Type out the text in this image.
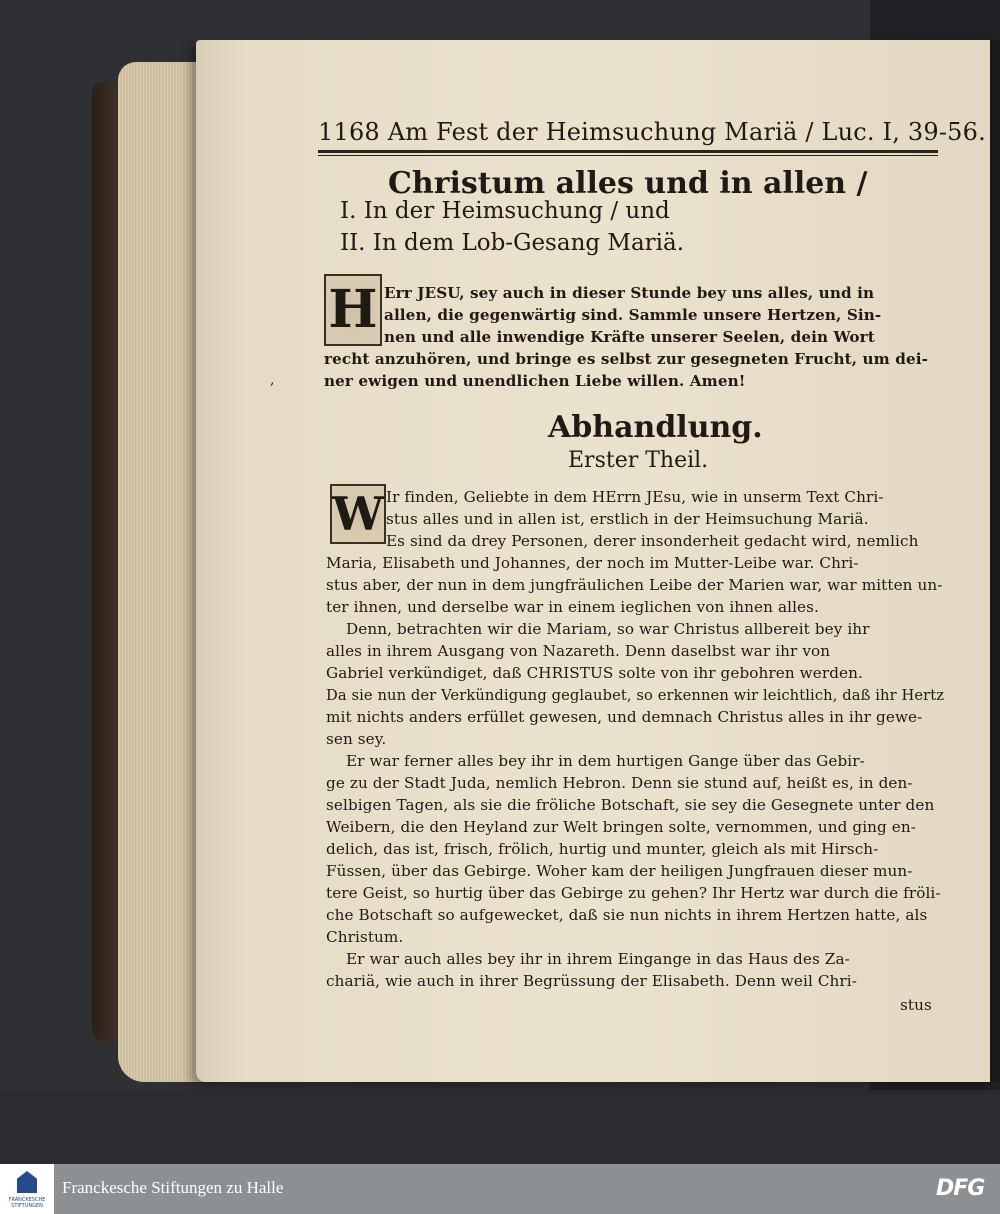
1168 Am Fest der Heimsuchung Mariä / Luc. I, 39-56.
Christum alles und in allen /
I. In der Heimsuchung / und
II. In dem Lob-Gesang Mariä.
H Err JESU, sey auch in dieser Stunde bey uns alles, und in
allen, die gegenwärtig sind. Sammle unsere Hertzen, Sin-
nen und alle inwendige Kräfte unserer Seelen, dein Wort
recht anzuhören, und bringe es selbst zur gesegneten Frucht, um dei-
ner ewigen und unendlichen Liebe willen. Amen!
,
Abhandlung.
Erster Theil.
W Ir finden, Geliebte in dem HErrn JEsu, wie in unserm Text Chri-
stus alles und in allen ist, erstlich in der Heimsuchung Mariä.
Es sind da drey Personen, derer insonderheit gedacht wird, nemlich
Maria, Elisabeth und Johannes, der noch im Mutter-Leibe war. Chri-
stus aber, der nun in dem jungfräulichen Leibe der Marien war, war mitten un-
ter ihnen, und derselbe war in einem ieglichen von ihnen alles.
Denn, betrachten wir die Mariam, so war Christus allbereit bey ihr
alles in ihrem Ausgang von Nazareth. Denn daselbst war ihr von
Gabriel verkündiget, daß CHRISTUS solte von ihr gebohren werden.
Da sie nun der Verkündigung geglaubet, so erkennen wir leichtlich, daß ihr Hertz
mit nichts anders erfüllet gewesen, und demnach Christus alles in ihr gewe-
sen sey.
Er war ferner alles bey ihr in dem hurtigen Gange über das Gebir-
ge zu der Stadt Juda, nemlich Hebron. Denn sie stund auf, heißt es, in den-
selbigen Tagen, als sie die fröliche Botschaft, sie sey die Gesegnete unter den
Weibern, die den Heyland zur Welt bringen solte, vernommen, und ging en-
delich, das ist, frisch, frölich, hurtig und munter, gleich als mit Hirsch-
Füssen, über das Gebirge. Woher kam der heiligen Jungfrauen dieser mun-
tere Geist, so hurtig über das Gebirge zu gehen? Ihr Hertz war durch die fröli-
che Botschaft so aufgewecket, daß sie nun nichts in ihrem Hertzen hatte, als
Christum.
Er war auch alles bey ihr in ihrem Eingange in das Haus des Za-
chariä, wie auch in ihrer Begrüssung der Elisabeth. Denn weil Chri-
stus
FRANCKESCHE STIFTUNGEN
Franckesche Stiftungen zu Halle	DFG
